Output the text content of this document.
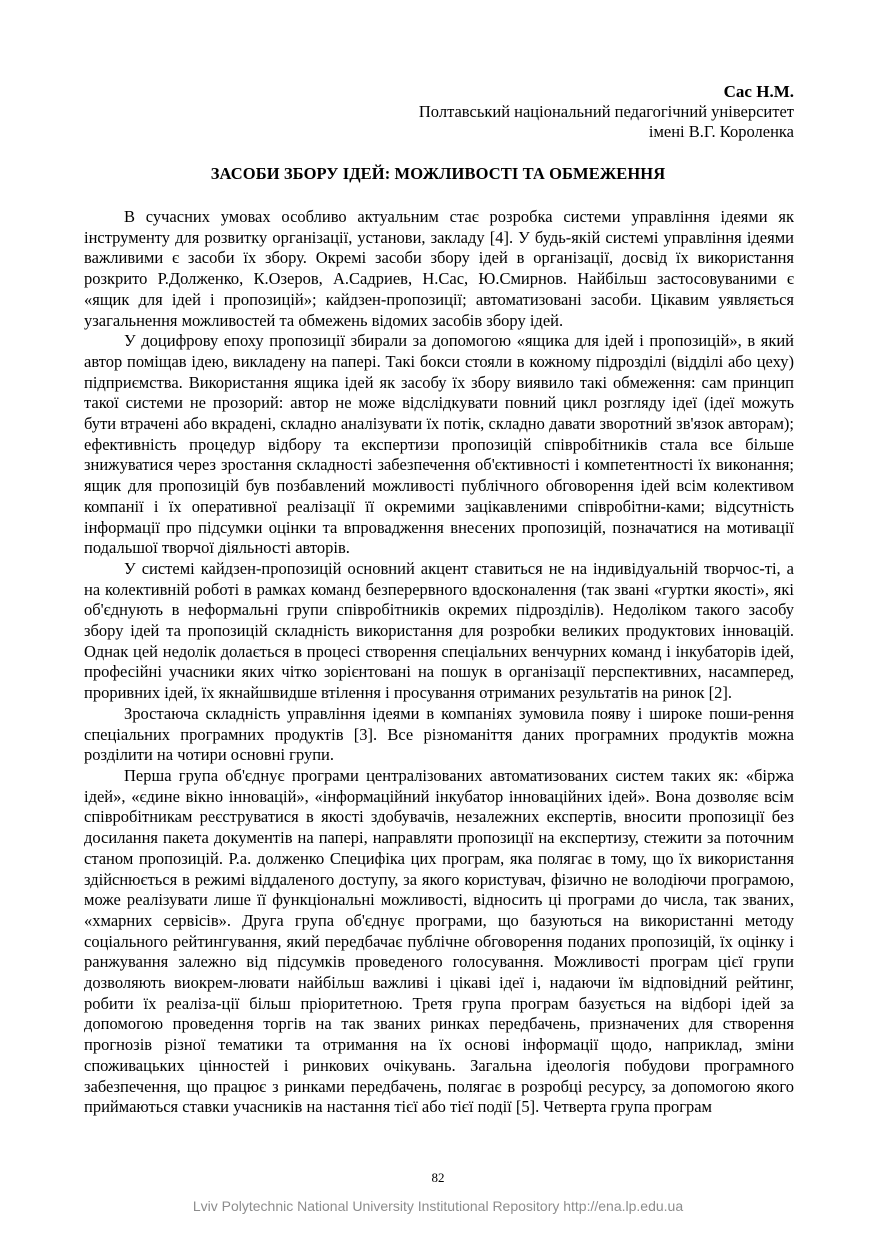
Сас Н.М.
Полтавський національний педагогічний університет
імені В.Г. Короленка
ЗАСОБИ ЗБОРУ ІДЕЙ: МОЖЛИВОСТІ ТА ОБМЕЖЕННЯ

В сучасних умовах особливо актуальним стає розробка системи управління ідеями як інструменту для розвитку організації, установи, закладу [4]. У будь-якій системі управління ідеями важливими є засоби їх збору. Окремі засоби збору ідей в організації, досвід їх використання розкрито Р.Долженко, К.Озеров, А.Садриев, Н.Сас, Ю.Смирнов. Найбільш застосовуваними є «ящик для ідей і пропозицій»; кайдзен-пропозиції; автоматизовані засоби. Цікавим уявляється узагальнення можливостей та обмежень відомих засобів збору ідей.

У доцифрову епоху пропозиції збирали за допомогою «ящика для ідей і пропозицій», в який автор поміщав ідею, викладену на папері. Такі бокси стояли в кожному підрозділі (відділі або цеху) підприємства. Використання ящика ідей як засобу їх збору виявило такі обмеження: сам принцип такої системи не прозорий: автор не може відслідкувати повний цикл розгляду ідеї (ідеї можуть бути втрачені або вкрадені, складно аналізувати їх потік, складно давати зворотний зв'язок авторам); ефективність процедур відбору та експертизи пропозицій співробітників стала все більше знижуватися через зростання складності забезпечення об'єктивності і компетентності їх виконання; ящик для пропозицій був позбавлений можливості публічного обговорення ідей всім колективом компанії і їх оперативної реалізації її окремими зацікавленими співробітни-ками; відсутність інформації про підсумки оцінки та впровадження внесених пропозицій, позначатися на мотивації подальшої творчої діяльності авторів.

У системі кайдзен-пропозицій основний акцент ставиться не на індивідуальній творчос-ті, а на колективній роботі в рамках команд безперервного вдосконалення (так звані «гуртки якості», які об'єднують в неформальні групи співробітників окремих підрозділів). Недоліком такого засобу збору ідей та пропозицій складність використання для розробки великих продуктових інновацій. Однак цей недолік долається в процесі створення спеціальних венчурних команд і інкубаторів ідей, професійні учасники яких чітко зорієнтовані на пошук в організації перспективних, насамперед, проривних ідей, їх якнайшвидше втілення і просування отриманих результатів на ринок [2].

Зростаюча складність управління ідеями в компаніях зумовила появу і широке поши-рення спеціальних програмних продуктів [3]. Все різноманіття даних програмних продуктів можна розділити на чотири основні групи.

Перша група об'єднує програми централізованих автоматизованих систем таких як: «біржа ідей», «єдине вікно інновацій», «інформаційний інкубатор інноваційних ідей». Вона дозволяє всім співробітникам реєструватися в якості здобувачів, незалежних експертів, вносити пропозиції без досилання пакета документів на папері, направляти пропозиції на експертизу, стежити за поточним станом пропозицій. Р.а. долженко Специфіка цих програм, яка полягає в тому, що їх використання здійснюється в режимі віддаленого доступу, за якого користувач, фізично не володіючи програмою, може реалізувати лише її функціональні можливості, відносить ці програми до числа, так званих, «хмарних сервісів». Друга група об'єднує програми, що базуються на використанні методу соціального рейтингування, який передбачає публічне обговорення поданих пропозицій, їх оцінку і ранжування залежно від підсумків проведеного голосування. Можливості програм цієї групи дозволяють виокрем-лювати найбільш важливі і цікаві ідеї і, надаючи їм відповідний рейтинг, робити їх реаліза-ції більш пріоритетною. Третя група програм базується на відборі ідей за допомогою проведення торгів на так званих ринках передбачень, призначених для створення прогнозів різної тематики та отримання на їх основі інформації щодо, наприклад, зміни споживацьких цінностей і ринкових очікувань. Загальна ідеологія побудови програмного забезпечення, що працює з ринками передбачень, полягає в розробці ресурсу, за допомогою якого приймаються ставки учасників на настання тієї або тієї події [5]. Четверта група програм

82
Lviv Polytechnic National University Institutional Repository http://ena.lp.edu.ua
